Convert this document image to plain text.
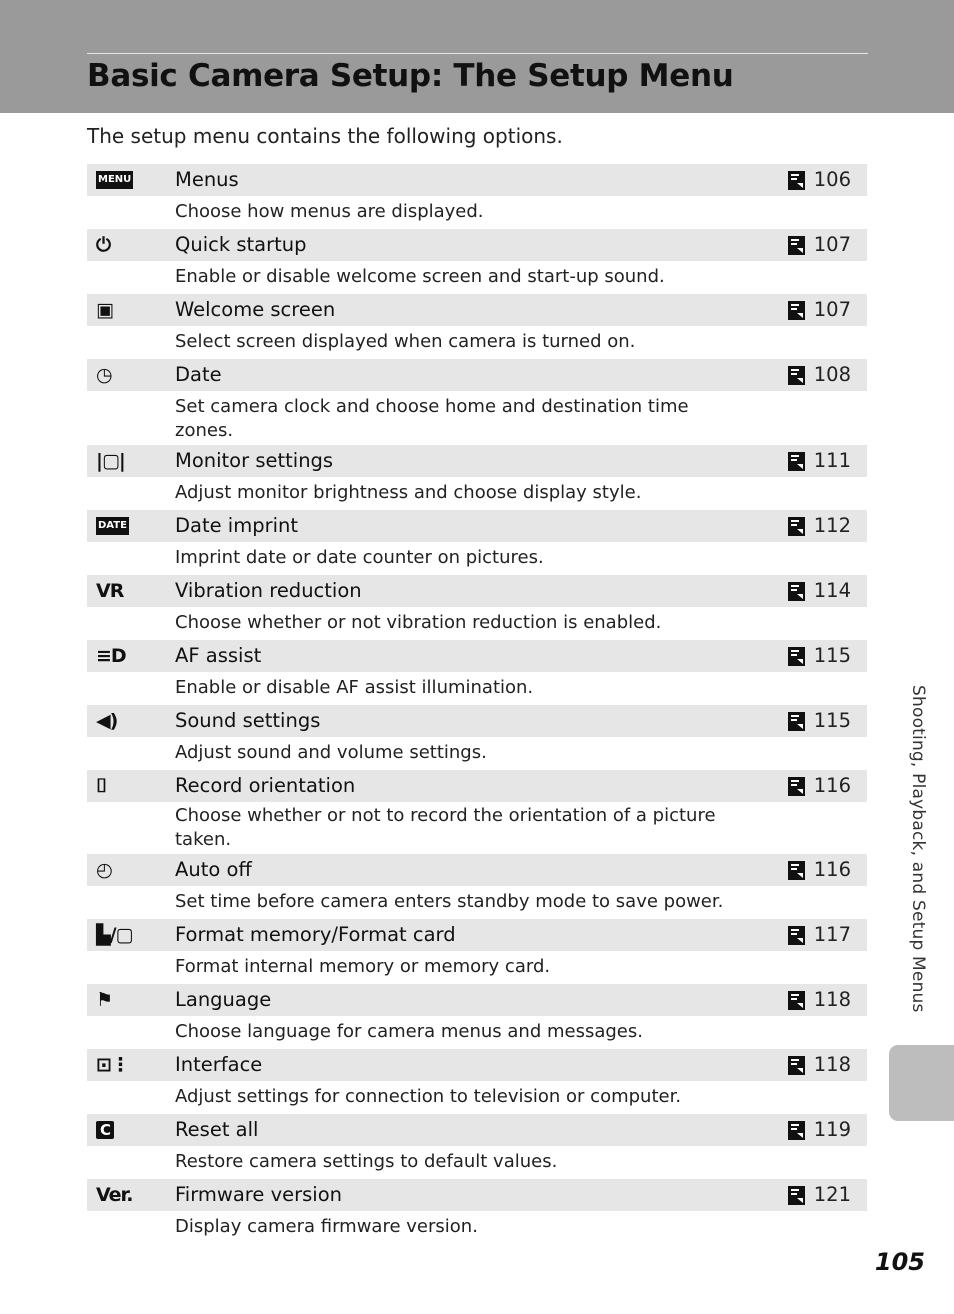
Basic Camera Setup: The Setup Menu

The setup menu contains the following options.

MENU Menus	106
Choose how menus are displayed.
⏻	Quick startup	107
Enable or disable welcome screen and start-up sound.
▣	Welcome screen	107
Select screen displayed when camera is turned on.
◷	Date	108
Set camera clock and choose home and destination time zones.
|▢|	Monitor settings	111
Adjust monitor brightness and choose display style.
DATE Date imprint	112
Imprint date or date counter on pictures.
VR	Vibration reduction	114
Choose whether or not vibration reduction is enabled.
≡D	AF assist	115
Enable or disable AF assist illumination.
◀)	Sound settings	115
Adjust sound and volume settings.
⌷	Record orientation	116
Choose whether or not to record the orientation of a picture taken.
◴	Auto off	116
Set time before camera enters standby mode to save power.
▙/▢ Format memory/Format card	117
Format internal memory or memory card.
⚑	Language	118
Choose language for camera menus and messages.
⊡⋮ Interface	118
Adjust settings for connection to television or computer.
C	Reset all	119
Restore camera settings to default values.
Ver. Firmware version	121
Display camera firmware version.
Shooting, Playback, and Setup Menus
105
